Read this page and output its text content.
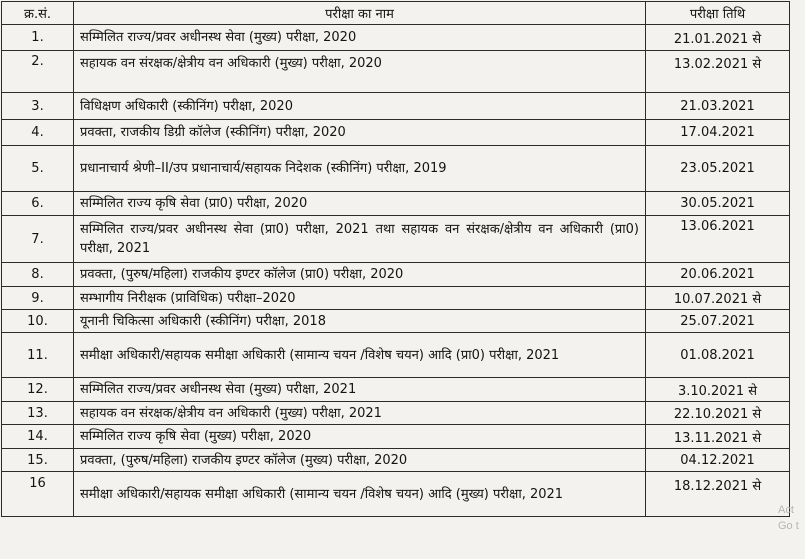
क्र.सं.	परीक्षा का नाम	परीक्षा तिथि
1.	सम्मिलित राज्य/प्रवर अधीनस्थ सेवा (मुख्य) परीक्षा, 2020	21.01.2021 से
2.	सहायक वन संरक्षक/क्षेत्रीय वन अधिकारी (मुख्य) परीक्षा, 2020	13.02.2021 से
3.	विधिक्षण अधिकारी (स्कीनिंग) परीक्षा, 2020	21.03.2021
4.	प्रवक्ता, राजकीय डिग्री कॉलेज (स्कीनिंग) परीक्षा, 2020	17.04.2021
5.	प्रधानाचार्य श्रेणी–II/उप प्रधानाचार्य/सहायक निदेशक (स्कीनिंग) परीक्षा, 2019	23.05.2021
6.	सम्मिलित राज्य कृषि सेवा (प्रा0) परीक्षा, 2020	30.05.2021
7.	सम्मिलित राज्य/प्रवर अधीनस्थ सेवा (प्रा0) परीक्षा, 2021 तथा सहायक वन संरक्षक/क्षेत्रीय वन अधिकारी (प्रा0) परीक्षा, 2021	13.06.2021
8.	प्रवक्ता, (पुरुष/महिला) राजकीय इण्टर कॉलेज (प्रा0) परीक्षा, 2020	20.06.2021
9.	सम्भागीय निरीक्षक (प्राविधिक) परीक्षा–2020	10.07.2021 से
10.	यूनानी चिकित्सा अधिकारी (स्कीनिंग) परीक्षा, 2018	25.07.2021
11.	समीक्षा अधिकारी/सहायक समीक्षा अधिकारी (सामान्य चयन /विशेष चयन) आदि (प्रा0) परीक्षा, 2021	01.08.2021
12.	सम्मिलित राज्य/प्रवर अधीनस्थ सेवा (मुख्य) परीक्षा, 2021	3.10.2021 से
13.	सहायक वन संरक्षक/क्षेत्रीय वन अधिकारी (मुख्य) परीक्षा, 2021	22.10.2021 से
14.	सम्मिलित राज्य कृषि सेवा (मुख्य) परीक्षा, 2020	13.11.2021 से
15.	प्रवक्ता, (पुरुष/महिला) राजकीय इण्टर कॉलेज (मुख्य) परीक्षा, 2020	04.12.2021
16	समीक्षा अधिकारी/सहायक समीक्षा अधिकारी (सामान्य चयन /विशेष चयन) आदि (मुख्य) परीक्षा, 2021	18.12.2021 से
Act
Go t
